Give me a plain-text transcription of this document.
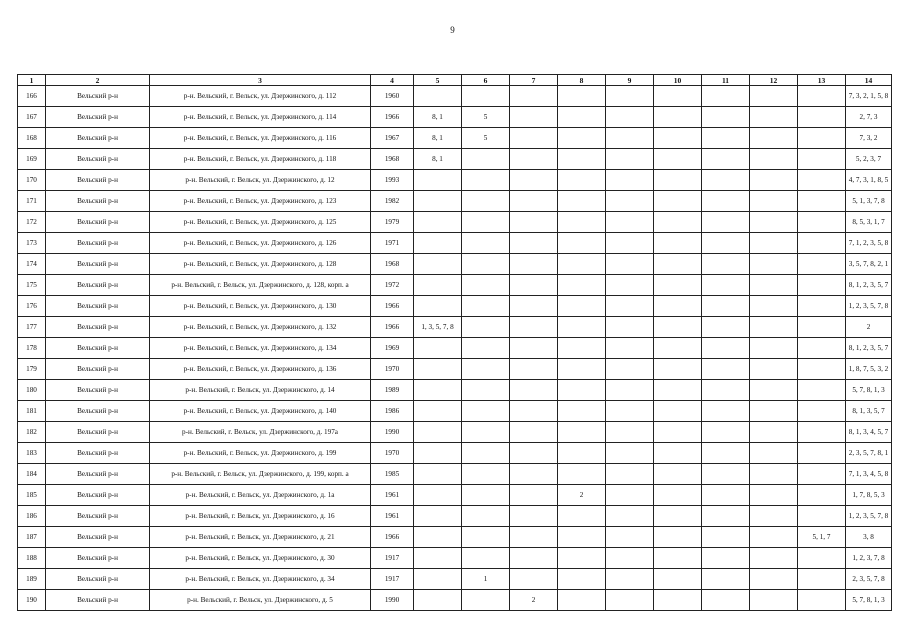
9
1	2	3	4	5	6	7	8	9	10	11	12	13	14
166	Вельский р-н	р-н. Вельский, г. Вельск, ул. Дзержинского, д. 112	1960										7, 3, 2, 1, 5, 8
167	Вельский р-н	р-н. Вельский, г. Вельск, ул. Дзержинского, д. 114	1966	8, 1	5								2, 7, 3
168	Вельский р-н	р-н. Вельский, г. Вельск, ул. Дзержинского, д. 116	1967	8, 1	5								7, 3, 2
169	Вельский р-н	р-н. Вельский, г. Вельск, ул. Дзержинского, д. 118	1968	8, 1									5, 2, 3, 7
170	Вельский р-н	р-н. Вельский, г. Вельск, ул. Дзержинского, д. 12	1993										4, 7, 3, 1, 8, 5
171	Вельский р-н	р-н. Вельский, г. Вельск, ул. Дзержинского, д. 123	1982										5, 1, 3, 7, 8
172	Вельский р-н	р-н. Вельский, г. Вельск, ул. Дзержинского, д. 125	1979										8, 5, 3, 1, 7
173	Вельский р-н	р-н. Вельский, г. Вельск, ул. Дзержинского, д. 126	1971										7, 1, 2, 3, 5, 8
174	Вельский р-н	р-н. Вельский, г. Вельск, ул. Дзержинского, д. 128	1968										3, 5, 7, 8, 2, 1
175	Вельский р-н	р-н. Вельский, г. Вельск, ул. Дзержинского, д. 128, корп. а	1972										8, 1, 2, 3, 5, 7
176	Вельский р-н	р-н. Вельский, г. Вельск, ул. Дзержинского, д. 130	1966										1, 2, 3, 5, 7, 8
177	Вельский р-н	р-н. Вельский, г. Вельск, ул. Дзержинского, д. 132	1966	1, 3, 5, 7, 8									2
178	Вельский р-н	р-н. Вельский, г. Вельск, ул. Дзержинского, д. 134	1969										8, 1, 2, 3, 5, 7
179	Вельский р-н	р-н. Вельский, г. Вельск, ул. Дзержинского, д. 136	1970										1, 8, 7, 5, 3, 2
180	Вельский р-н	р-н. Вельский, г. Вельск, ул. Дзержинского, д. 14	1989										5, 7, 8, 1, 3
181	Вельский р-н	р-н. Вельский, г. Вельск, ул. Дзержинского, д. 140	1986										8, 1, 3, 5, 7
182	Вельский р-н	р-н. Вельский, г. Вельск, ул. Дзержинского, д. 197а	1990										8, 1, 3, 4, 5, 7
183	Вельский р-н	р-н. Вельский, г. Вельск, ул. Дзержинского, д. 199	1970										2, 3, 5, 7, 8, 1
184	Вельский р-н	р-н. Вельский, г. Вельск, ул. Дзержинского, д. 199, корп. а	1985										7, 1, 3, 4, 5, 8
185	Вельский р-н	р-н. Вельский, г. Вельск, ул. Дзержинского, д. 1а	1961				2						1, 7, 8, 5, 3
186	Вельский р-н	р-н. Вельский, г. Вельск, ул. Дзержинского, д. 16	1961										1, 2, 3, 5, 7, 8
187	Вельский р-н	р-н. Вельский, г. Вельск, ул. Дзержинского, д. 21	1966									5, 1, 7	3, 8
188	Вельский р-н	р-н. Вельский, г. Вельск, ул. Дзержинского, д. 30	1917										1, 2, 3, 7, 8
189	Вельский р-н	р-н. Вельский, г. Вельск, ул. Дзержинского, д. 34	1917		1								2, 3, 5, 7, 8
190	Вельский р-н	р-н. Вельский, г. Вельск, ул. Дзержинского, д. 5	1990			2							5, 7, 8, 1, 3
